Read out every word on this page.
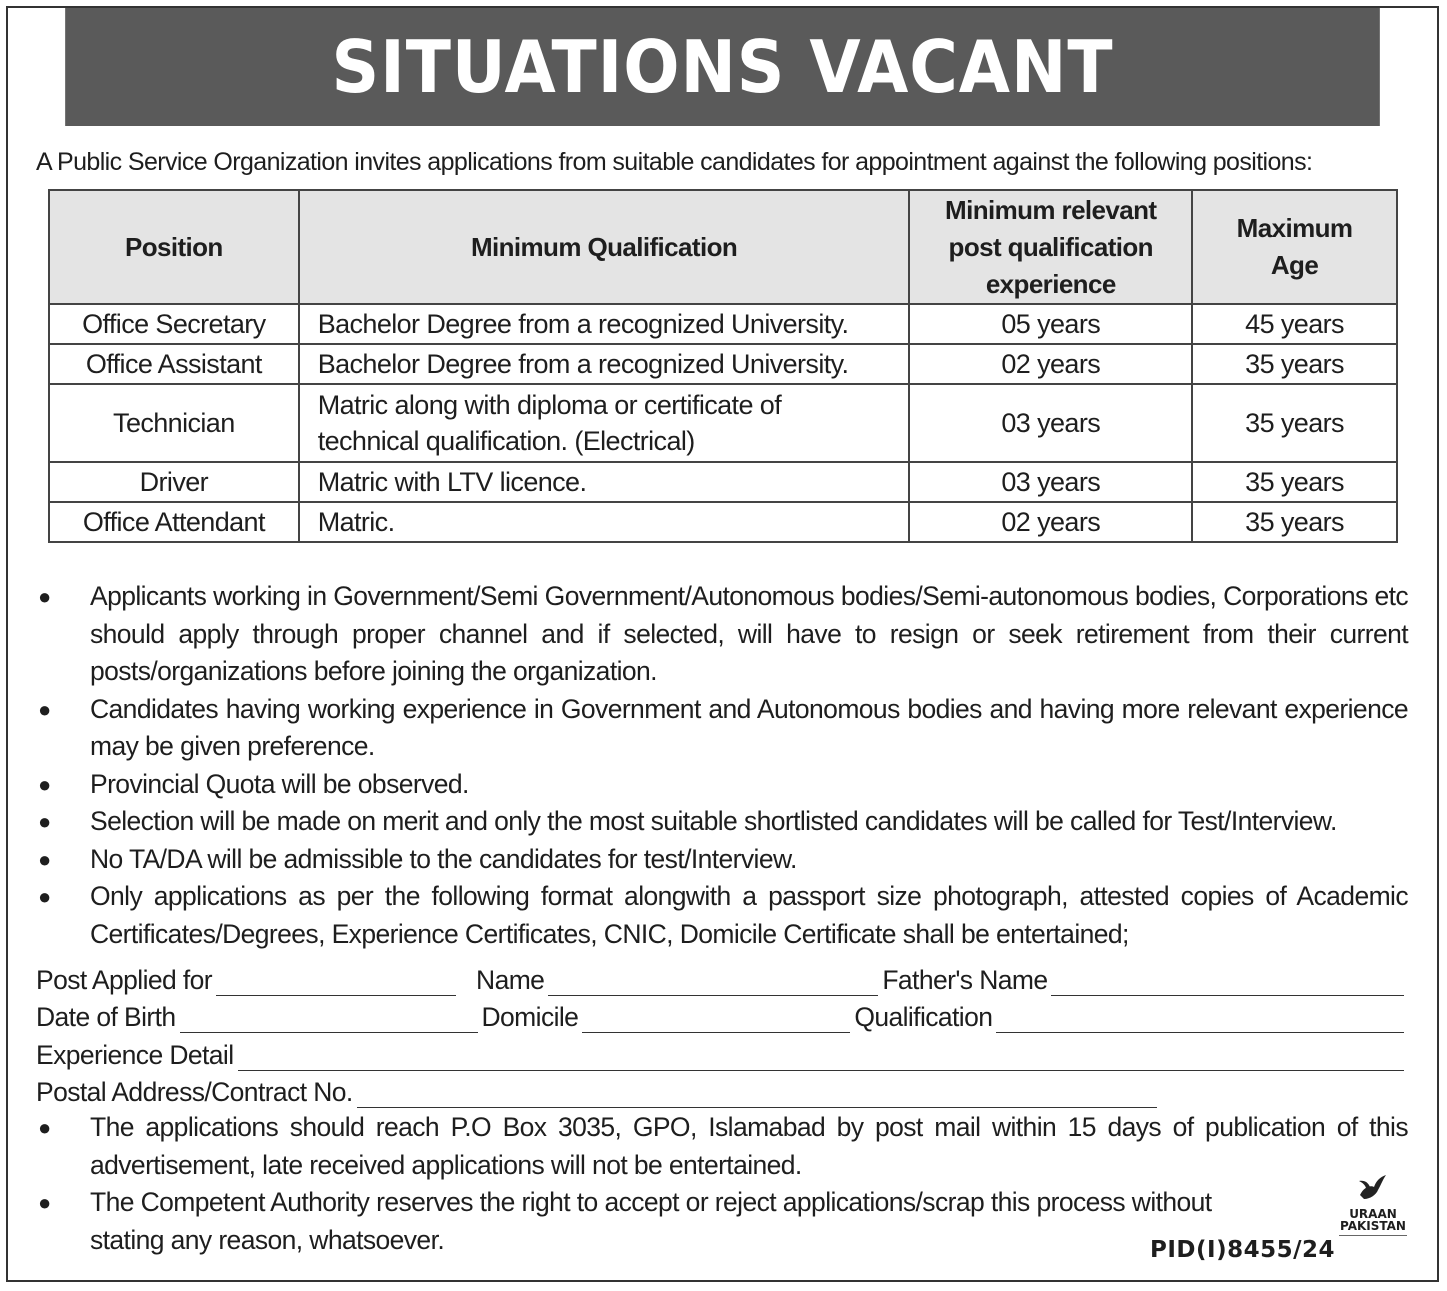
SITUATIONS VACANT
A Public Service Organization invites applications from suitable candidates for appointment against the following positions:
Position	Minimum Qualification	Minimum relevant post qualification experience	Maximum Age
Office Secretary	Bachelor Degree from a recognized University.	05 years	45 years
Office Assistant	Bachelor Degree from a recognized University.	02 years	35 years
Technician	Matric along with diploma or certificate of technical qualification. (Electrical)	03 years	35 years
Driver	Matric with LTV licence.	03 years	35 years
Office Attendant	Matric.	02 years	35 years
●	Applicants working in Government/Semi Government/Autonomous bodies/Semi-autonomous bodies, Corporations etc should apply through proper channel and if selected, will have to resign or seek retirement from their current posts/organizations before joining the organization.
●	Candidates having working experience in Government and Autonomous bodies and having more relevant experience may be given preference.
●	Provincial Quota will be observed.
●	Selection will be made on merit and only the most suitable shortlisted candidates will be called for Test/Interview.
●	No TA/DA will be admissible to the candidates for test/Interview.
●	Only applications as per the following format alongwith a passport size photograph, attested copies of Academic Certificates/Degrees, Experience Certificates, CNIC, Domicile Certificate shall be entertained;
Post Applied for	Name	Father's Name
Date of Birth	Domicile	Qualification
Experience Detail
Postal Address/Contract No.
●	The applications should reach P.O Box 3035, GPO, Islamabad by post mail within 15 days of publication of this advertisement, late received applications will not be entertained.
●	The Competent Authority reserves the right to accept or reject applications/scrap this process without stating any reason, whatsoever.
URAAN
PAKISTAN
PID(I)8455/24
